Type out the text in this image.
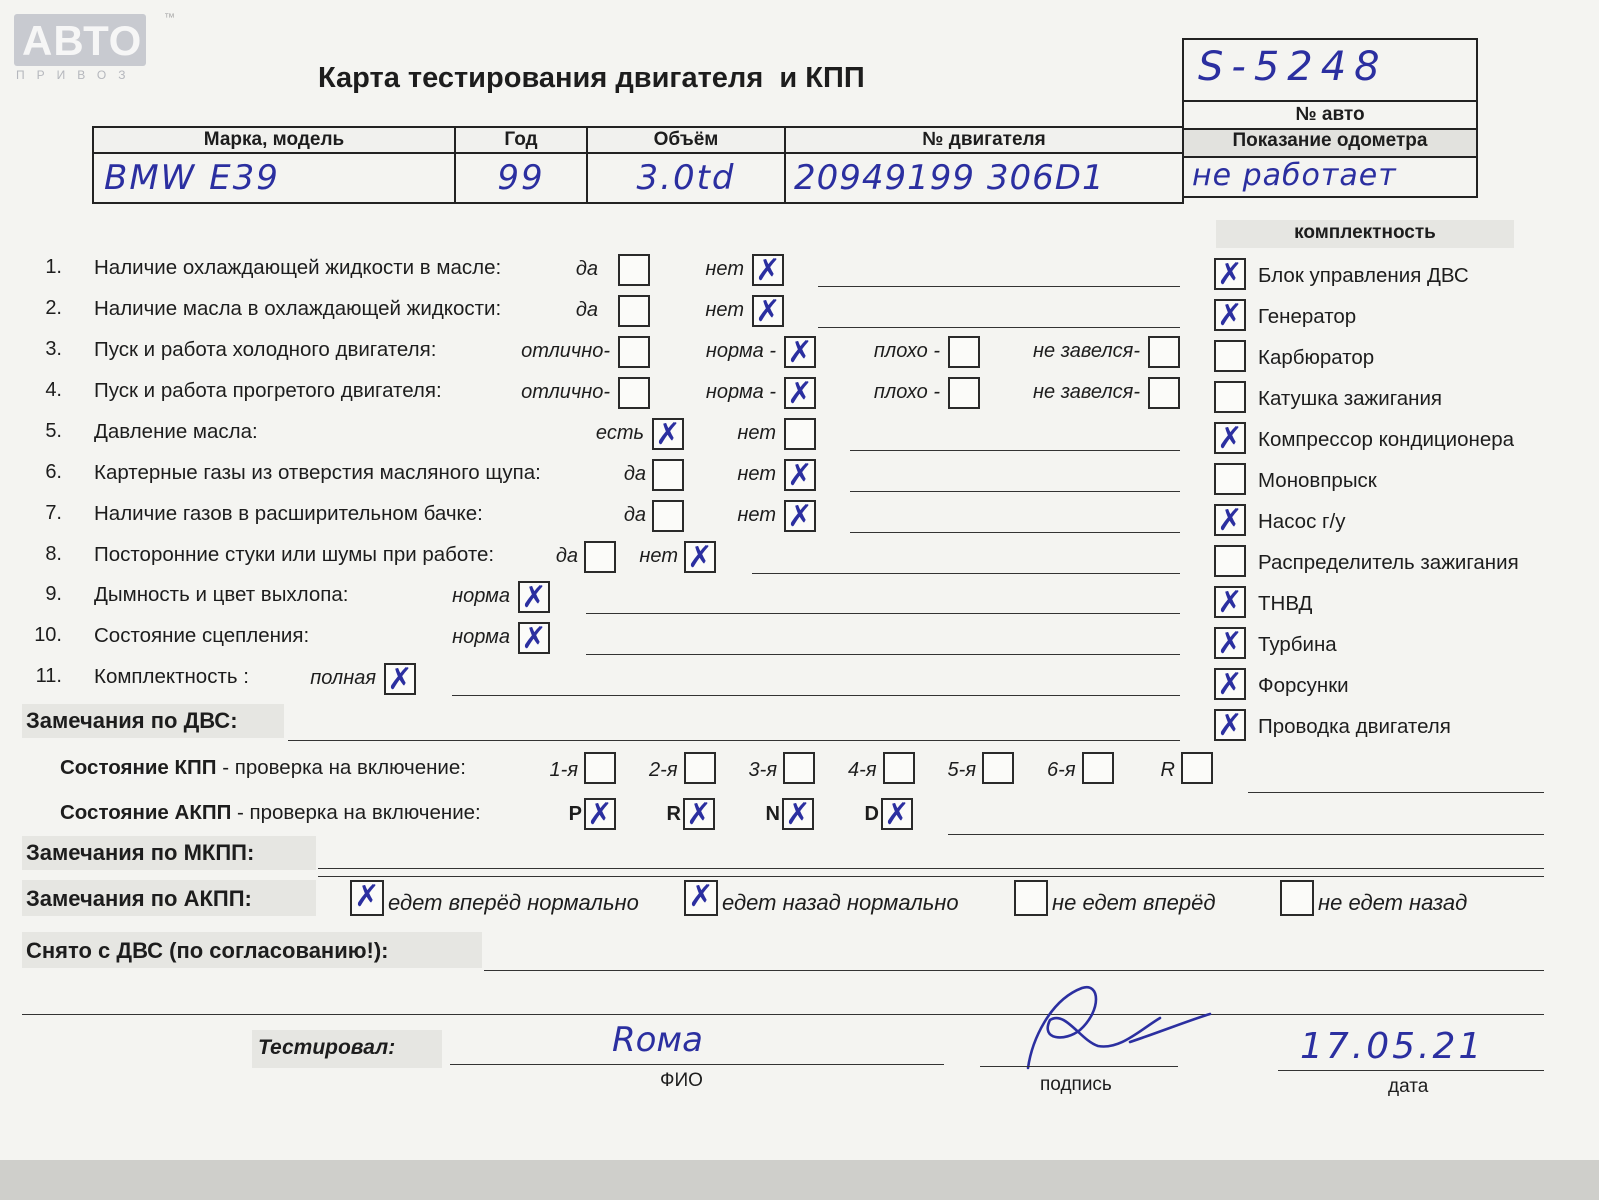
АВТО ™
ПРИВОЗ	Карта тестирования двигателя  и КПП	S-5248
№ авто
Показание одометра
не работает
Марка, модель	Год	Объём	№ двигателя
BMW E39	99	3.0td	20949199 306D1
комплектность
1. Наличие охлаждающей жидкости в масле:	да	нет ✗
2. Наличие масла в охлаждающей жидкости:	да	нет ✗
3. Пуск и работа холодного двигателя:	отлично-	норма - ✗	плохо -	не завелся-
4. Пуск и работа прогретого двигателя:	отлично-	норма - ✗	плохо -	не завелся-
5. Давление масла:	есть ✗	нет
6. Картерные газы из отверстия масляного щупа:	да	нет ✗
7. Наличие газов в расширительном бачке:	да	нет ✗
8. Посторонние стуки или шумы при работе:	да	нет ✗
9. Дымность и цвет выхлопа:	норма ✗
10. Состояние сцепления:	норма ✗
11. Комплектность :	полная ✗
✗ Блок управления ДВС
✗ Генератор
Карбюратор
Катушка зажигания
✗ Компрессор кондиционера
Моновпрыск
✗ Насос г/у
Распределитель зажигания
✗ ТНВД
✗ Турбина
✗ Форсунки
✗ Проводка двигателя
Замечания по ДВС:
Состояние КПП - проверка на включение:	1-я	2-я	3-я	4-я	5-я	6-я	R
Состояние АКПП - проверка на включение:	P ✗	R ✗	N ✗	D ✗
Замечания по МКПП:
Замечания по АКПП:	✗ едет вперёд нормально ✗ едет назад нормально	не едет вперёд	не едет назад
Снято с ДВС (по согласованию!):
Тестировал:	Roма
ФИО	подпись
17.05.21
дата
